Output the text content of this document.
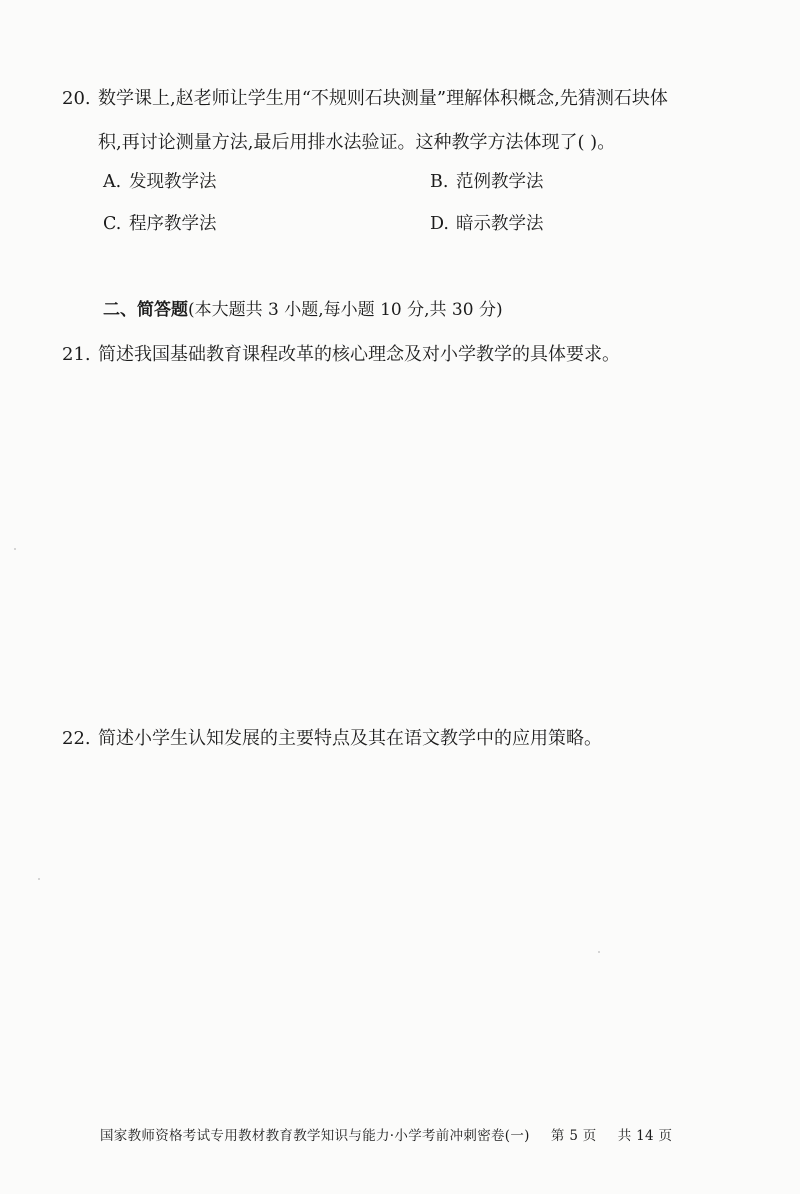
20. 数学课上,赵老师让学生用“不规则石块测量”理解体积概念,先猜测石块体
积,再讨论测量方法,最后用排水法验证。这种教学方法体现了( )。
A. 发现教学法	B. 范例教学法
C. 程序教学法	D. 暗示教学法
二、简答题(本大题共 3 小题,每小题 10 分,共 30 分)
21. 简述我国基础教育课程改革的核心理念及对小学教学的具体要求。
22. 简述小学生认知发展的主要特点及其在语文教学中的应用策略。
国家教师资格考试专用教材教育教学知识与能力·小学考前冲刺密卷(一) 第 5 页 共 14 页
